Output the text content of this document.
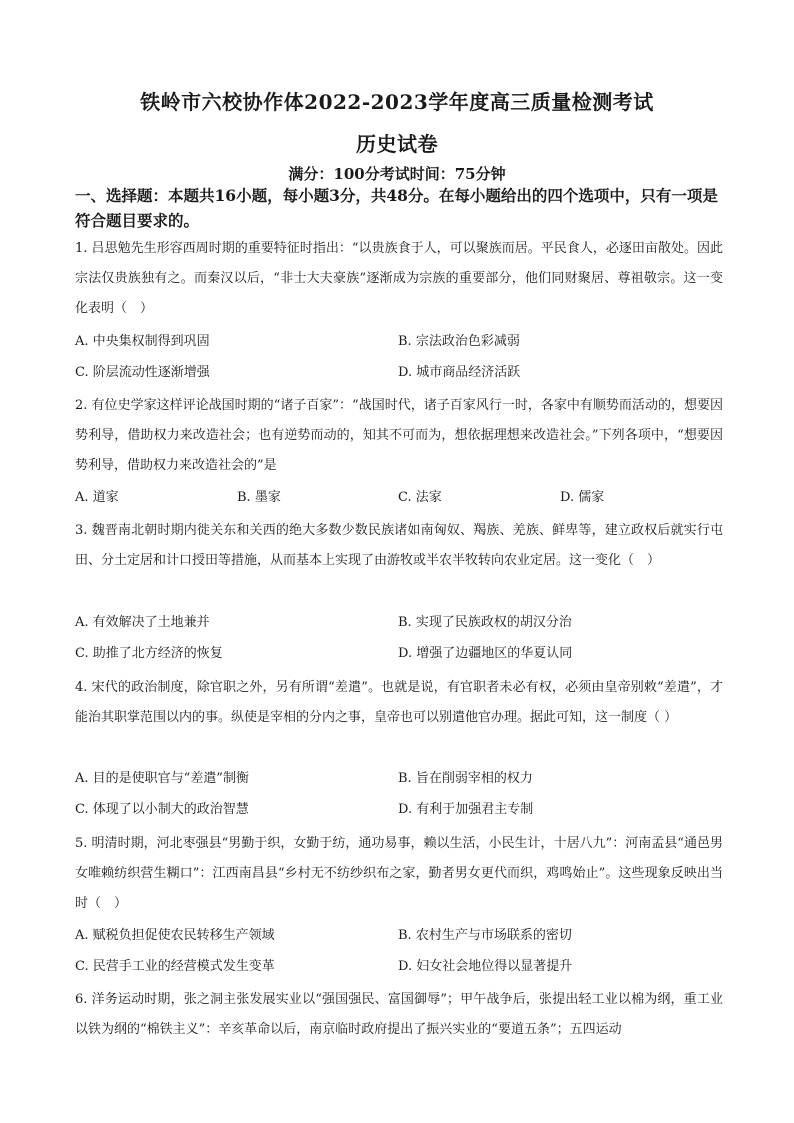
铁岭市六校协作体2022-2023学年度高三质量检测考试
历史试卷
满分：100分考试时间：75分钟
一、选择题：本题共16小题，每小题3分，共48分。在每小题给出的四个选项中，只有一项是符合题目要求的。
1. 吕思勉先生形容西周时期的重要特征时指出：“以贵族食于人，可以聚族而居。平民食人，必逐田亩散处。因此宗法仅贵族独有之。而秦汉以后，“非士大夫豪族”逐渐成为宗族的重要部分，他们同财聚居、尊祖敬宗。这一变化表明（　）
A. 中央集权制得到巩固	B. 宗法政治色彩减弱
C. 阶层流动性逐渐增强	D. 城市商品经济活跃
2. 有位史学家这样评论战国时期的“诸子百家”：“战国时代，诸子百家风行一时，各家中有顺势而活动的，想要因势利导，借助权力来改造社会；也有逆势而动的，知其不可而为，想依据理想来改造社会。”下列各项中，“想要因势利导，借助权力来改造社会的”是
A. 道家	B. 墨家	C. 法家	D. 儒家
3. 魏晋南北朝时期内徙关东和关西的绝大多数少数民族诸如南匈奴、羯族、羌族、鲜卑等，建立政权后就实行屯田、分土定居和计口授田等措施，从而基本上实现了由游牧或半农半牧转向农业定居。这一变化（　）
A. 有效解决了土地兼并	B. 实现了民族政权的胡汉分治
C. 助推了北方经济的恢复	D. 增强了边疆地区的华夏认同
4. 宋代的政治制度，除官职之外，另有所谓“差遣”。也就是说，有官职者未必有权，必须由皇帝别敕“差遣”，才能治其职掌范围以内的事。纵使是宰相的分内之事，皇帝也可以别遣他官办理。据此可知，这一制度（ ）
A. 目的是使职官与“差遣”制衡	B. 旨在削弱宰相的权力
C. 体现了以小制大的政治智慧	D. 有利于加强君主专制
5. 明清时期，河北枣强县“男勤于织，女勤于纺，通功易事，赖以生活，小民生计，十居八九”：河南孟县“通邑男女唯赖纺织营生糊口”：江西南昌县“乡村无不纺纱织布之家，勤者男女更代而织，鸡鸣始止”。这些现象反映出当时（　）
A. 赋税负担促使农民转移生产领域	B. 农村生产与市场联系的密切
C. 民营手工业的经营模式发生变革	D. 妇女社会地位得以显著提升
6. 洋务运动时期，张之洞主张发展实业以“强国强民、富国御辱”；甲午战争后，张提出轻工业以棉为纲，重工业以铁为纲的“棉铁主义”：辛亥革命以后，南京临时政府提出了振兴实业的“要道五条”；五四运动
